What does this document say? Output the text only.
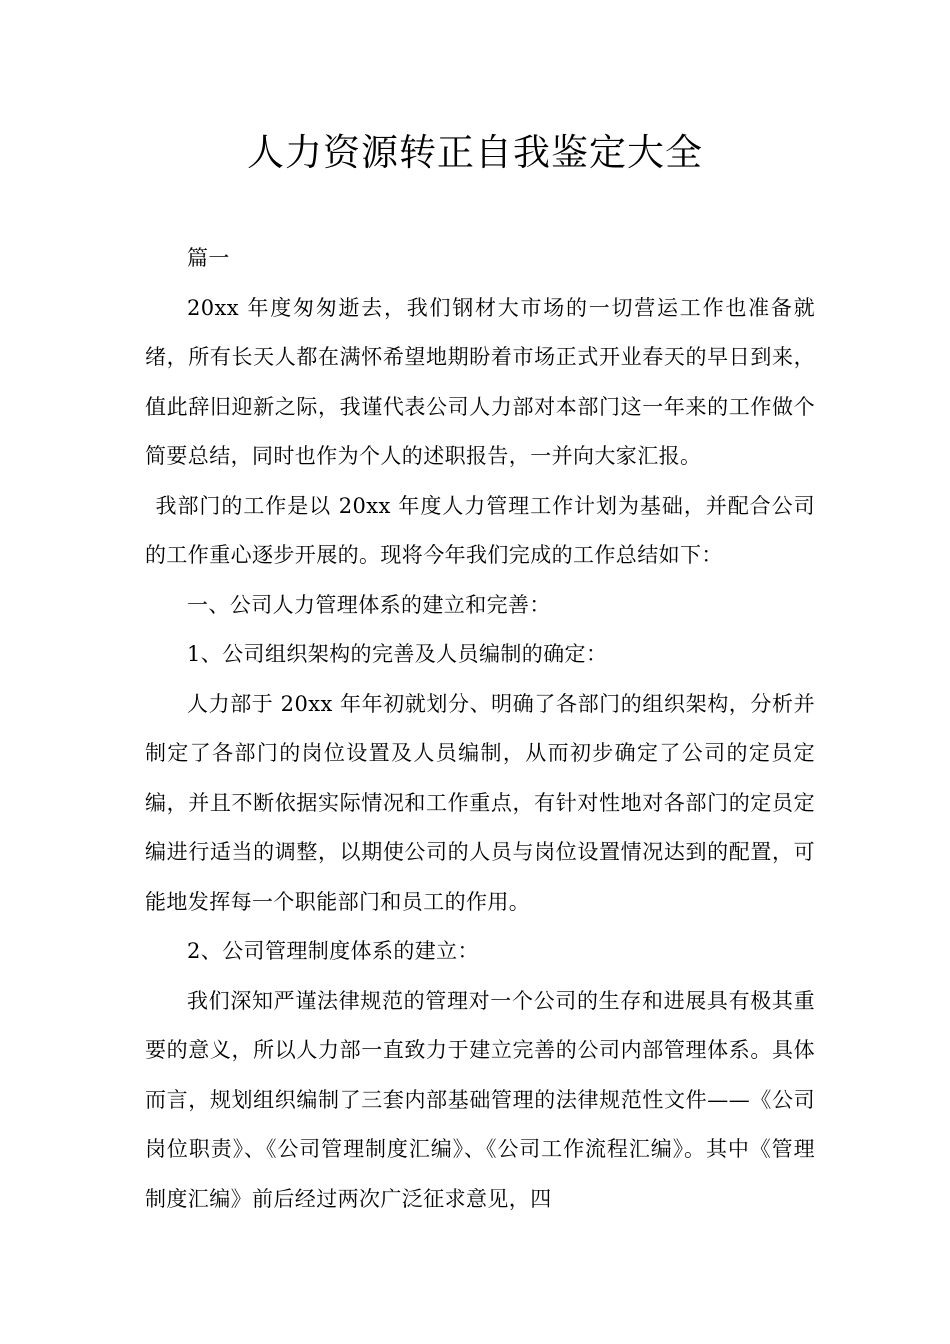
人力资源转正自我鉴定大全

篇一

20xx 年度匆匆逝去，我们钢材大市场的一切营运工作也准备就绪，所有长天人都在满怀希望地期盼着市场正式开业春天的早日到来，值此辞旧迎新之际，我谨代表公司人力部对本部门这一年来的工作做个简要总结，同时也作为个人的述职报告，一并向大家汇报。

我部门的工作是以 20xx 年度人力管理工作计划为基础，并配合公司的工作重心逐步开展的。现将今年我们完成的工作总结如下：

一、公司人力管理体系的建立和完善：

1、公司组织架构的完善及人员编制的确定：

人力部于 20xx 年年初就划分、明确了各部门的组织架构，分析并制定了各部门的岗位设置及人员编制，从而初步确定了公司的定员定编，并且不断依据实际情况和工作重点，有针对性地对各部门的定员定编进行适当的调整，以期使公司的人员与岗位设置情况达到的配置，可能地发挥每一个职能部门和员工的作用。

2、公司管理制度体系的建立：

我们深知严谨法律规范的管理对一个公司的生存和进展具有极其重要的意义，所以人力部一直致力于建立完善的公司内部管理体系。具体而言，规划组织编制了三套内部基础管理的法律规范性文件——《公司岗位职责》、《公司管理制度汇编》、《公司工作流程汇编》。其中《管理制度汇编》前后经过两次广泛征求意见，四
